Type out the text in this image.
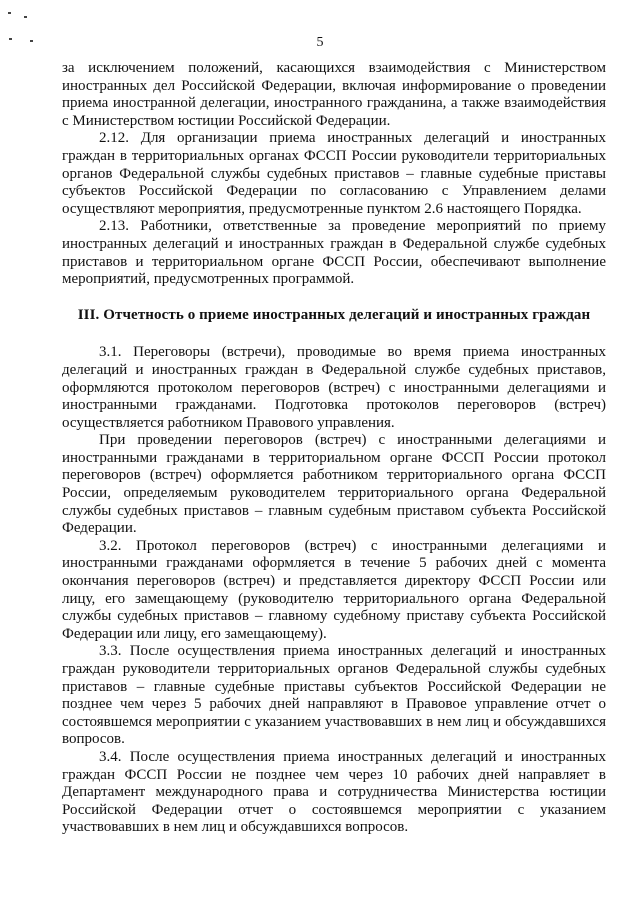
5

за исключением положений, касающихся взаимодействия с Министерством иностранных дел Российской Федерации, включая информирование о проведении приема иностранной делегации, иностранного гражданина, а также взаимодействия с Министерством юстиции Российской Федерации.

2.12. Для организации приема иностранных делегаций и иностранных граждан в территориальных органах ФССП России руководители территориальных органов Федеральной службы судебных приставов – главные судебные приставы субъектов Российской Федерации по согласованию с Управлением делами осуществляют мероприятия, предусмотренные пунктом 2.6 настоящего Порядка.

2.13. Работники, ответственные за проведение мероприятий по приему иностранных делегаций и иностранных граждан в Федеральной службе судебных приставов и территориальном органе ФССП России, обеспечивают выполнение мероприятий, предусмотренных программой.

III. Отчетность о приеме иностранных делегаций и иностранных граждан

3.1. Переговоры (встречи), проводимые во время приема иностранных делегаций и иностранных граждан в Федеральной службе судебных приставов, оформляются протоколом переговоров (встреч) с иностранными делегациями и иностранными гражданами. Подготовка протоколов переговоров (встреч) осуществляется работником Правового управления.

При проведении переговоров (встреч) с иностранными делегациями и иностранными гражданами в территориальном органе ФССП России протокол переговоров (встреч) оформляется работником территориального органа ФССП России, определяемым руководителем территориального органа Федеральной службы судебных приставов – главным судебным приставом субъекта Российской Федерации.

3.2. Протокол переговоров (встреч) с иностранными делегациями и иностранными гражданами оформляется в течение 5 рабочих дней с момента окончания переговоров (встреч) и представляется директору ФССП России или лицу, его замещающему (руководителю территориального органа Федеральной службы судебных приставов – главному судебному приставу субъекта Российской Федерации или лицу, его замещающему).

3.3. После осуществления приема иностранных делегаций и иностранных граждан руководители территориальных органов Федеральной службы судебных приставов – главные судебные приставы субъектов Российской Федерации не позднее чем через 5 рабочих дней направляют в Правовое управление отчет о состоявшемся мероприятии с указанием участвовавших в нем лиц и обсуждавшихся вопросов.

3.4. После осуществления приема иностранных делегаций и иностранных граждан ФССП России не позднее чем через 10 рабочих дней направляет в Департамент международного права и сотрудничества Министерства юстиции Российской Федерации отчет о состоявшемся мероприятии с указанием участвовавших в нем лиц и обсуждавшихся вопросов.
